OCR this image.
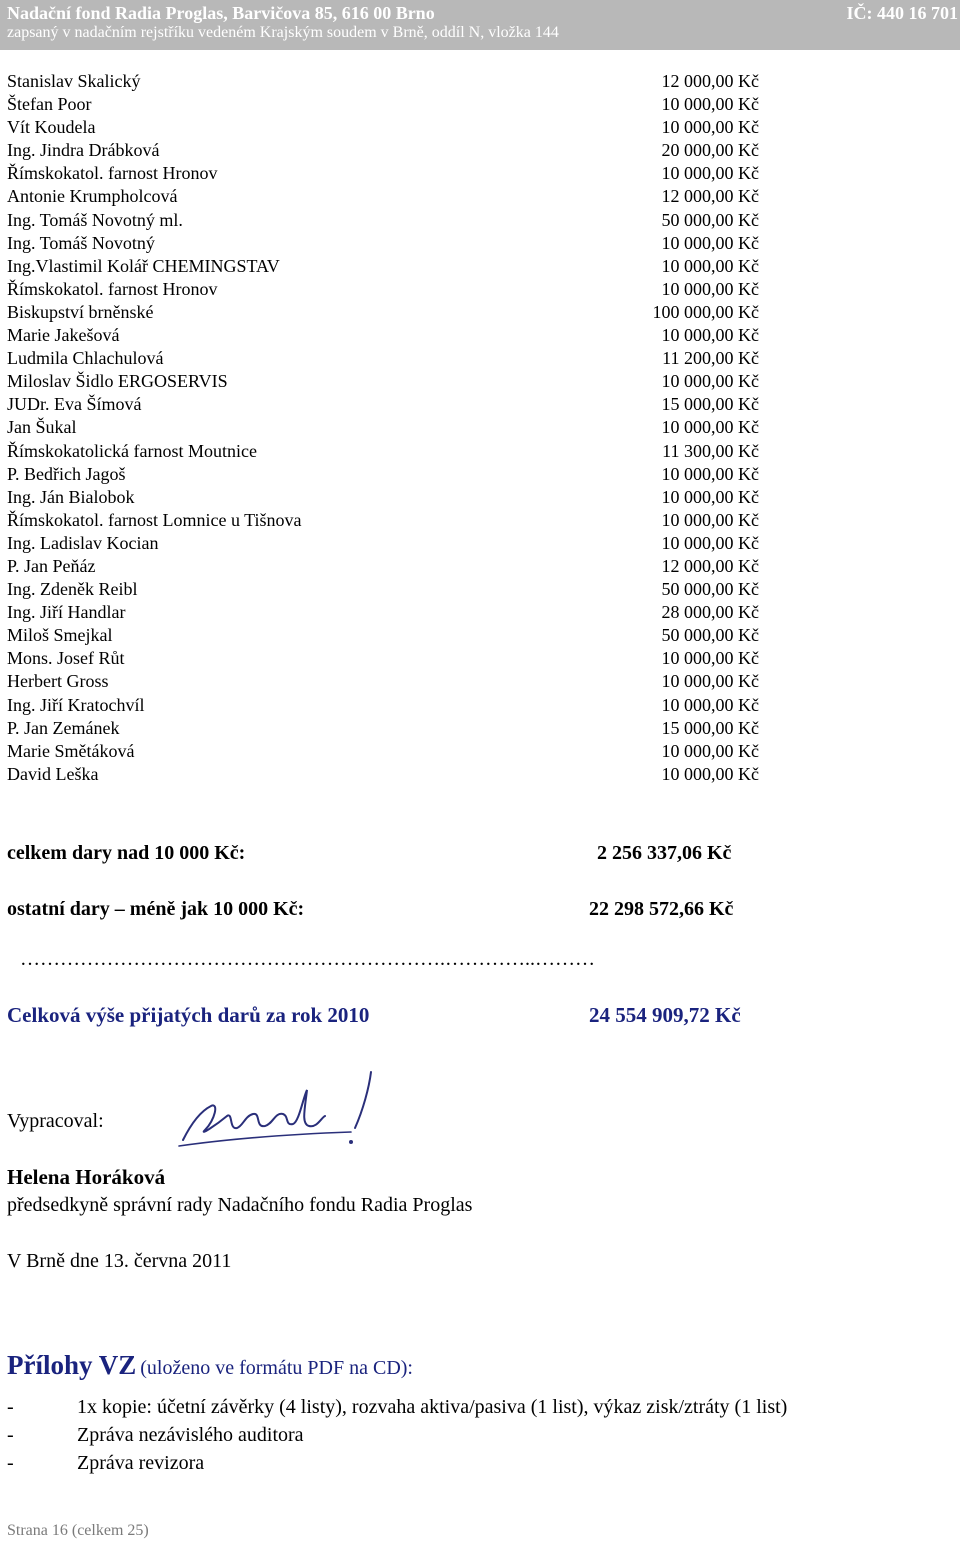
Nadační fond Radia Proglas, Barvičova 85, 616 00 Brno	IČ: 440 16 701
zapsaný v nadačním rejstříku vedeném Krajským soudem v Brně, oddíl N, vložka 144
Stanislav Skalický	12 000,00 Kč
Štefan Poor	10 000,00 Kč
Vít Koudela	10 000,00 Kč
Ing. Jindra Drábková	20 000,00 Kč
Římskokatol. farnost Hronov	10 000,00 Kč
Antonie Krumpholcová	12 000,00 Kč
Ing. Tomáš Novotný ml.	50 000,00 Kč
Ing. Tomáš Novotný	10 000,00 Kč
Ing.Vlastimil Kolář CHEMINGSTAV	10 000,00 Kč
Římskokatol. farnost Hronov	10 000,00 Kč
Biskupství brněnské	100 000,00 Kč
Marie Jakešová	10 000,00 Kč
Ludmila Chlachulová	11 200,00 Kč
Miloslav Šidlo ERGOSERVIS	10 000,00 Kč
JUDr. Eva Šímová	15 000,00 Kč
Jan Šukal	10 000,00 Kč
Římskokatolická farnost Moutnice	11 300,00 Kč
P. Bedřich Jagoš	10 000,00 Kč
Ing. Ján Bialobok	10 000,00 Kč
Římskokatol. farnost Lomnice u Tišnova	10 000,00 Kč
Ing. Ladislav Kocian	10 000,00 Kč
P. Jan Peňáz	12 000,00 Kč
Ing. Zdeněk Reibl	50 000,00 Kč
Ing. Jiří Handlar	28 000,00 Kč
Miloš Smejkal	50 000,00 Kč
Mons. Josef Růt	10 000,00 Kč
Herbert Gross	10 000,00 Kč
Ing. Jiří Kratochvíl	10 000,00 Kč
P. Jan Zemánek	15 000,00 Kč
Marie Smětáková	10 000,00 Kč
David Leška	10 000,00 Kč
celkem dary nad 10 000 Kč:	2 256 337,06 Kč
ostatní dary – méně jak 10 000 Kč:	22 298 572,66 Kč
……………………………………………………….…………..………
Celková výše přijatých darů za rok 2010	24 554 909,72 Kč
Vypracoval:
Helena Horáková
předsedkyně správní rady Nadačního fondu Radia Proglas
V Brně dne 13. června 2011
Přílohy VZ (uloženo ve formátu PDF na CD):
-	1x kopie: účetní závěrky (4 listy), rozvaha aktiva/pasiva (1 list), výkaz zisk/ztráty (1 list)
-	Zpráva nezávislého auditora
-	Zpráva revizora
Strana 16 (celkem 25)
